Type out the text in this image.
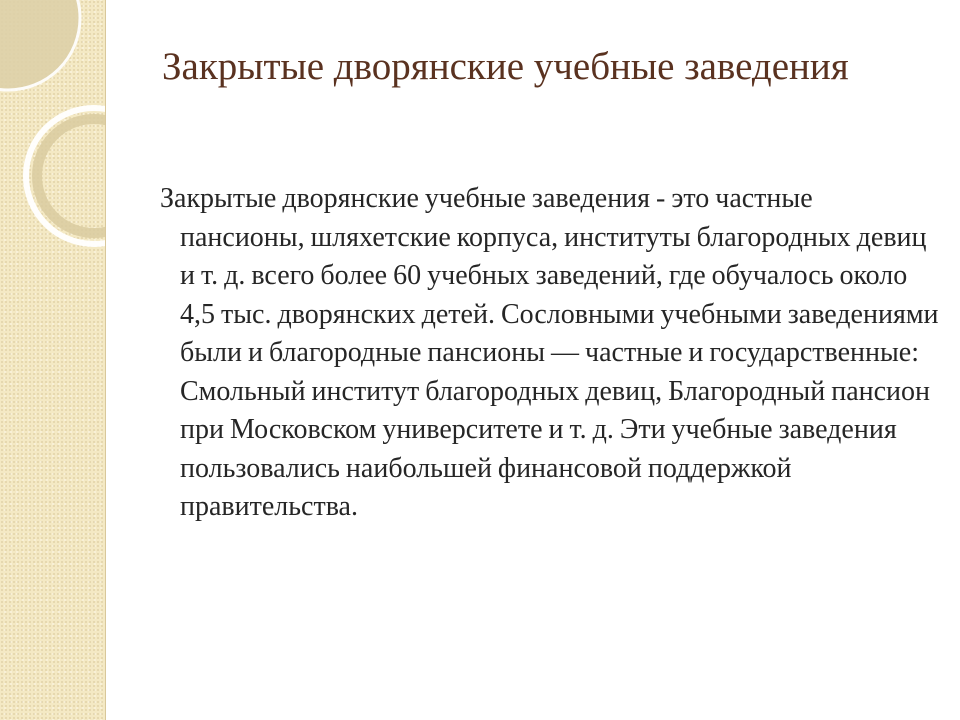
Закрытые дворянские учебные заведения

Закрытые дворянские учебные заведения - это частные пансионы, шляхетские корпуса, институты благородных девиц и т. д. всего более 60 учебных заведений, где обучалось около 4,5 тыс. дворянских детей. Сословными учебными заведениями были и благородные пансионы — частные и государственные: Смольный институт благородных девиц, Благородный пансион при Московском университете и т. д. Эти учебные заведения пользовались наибольшей финансовой поддержкой правительства.
